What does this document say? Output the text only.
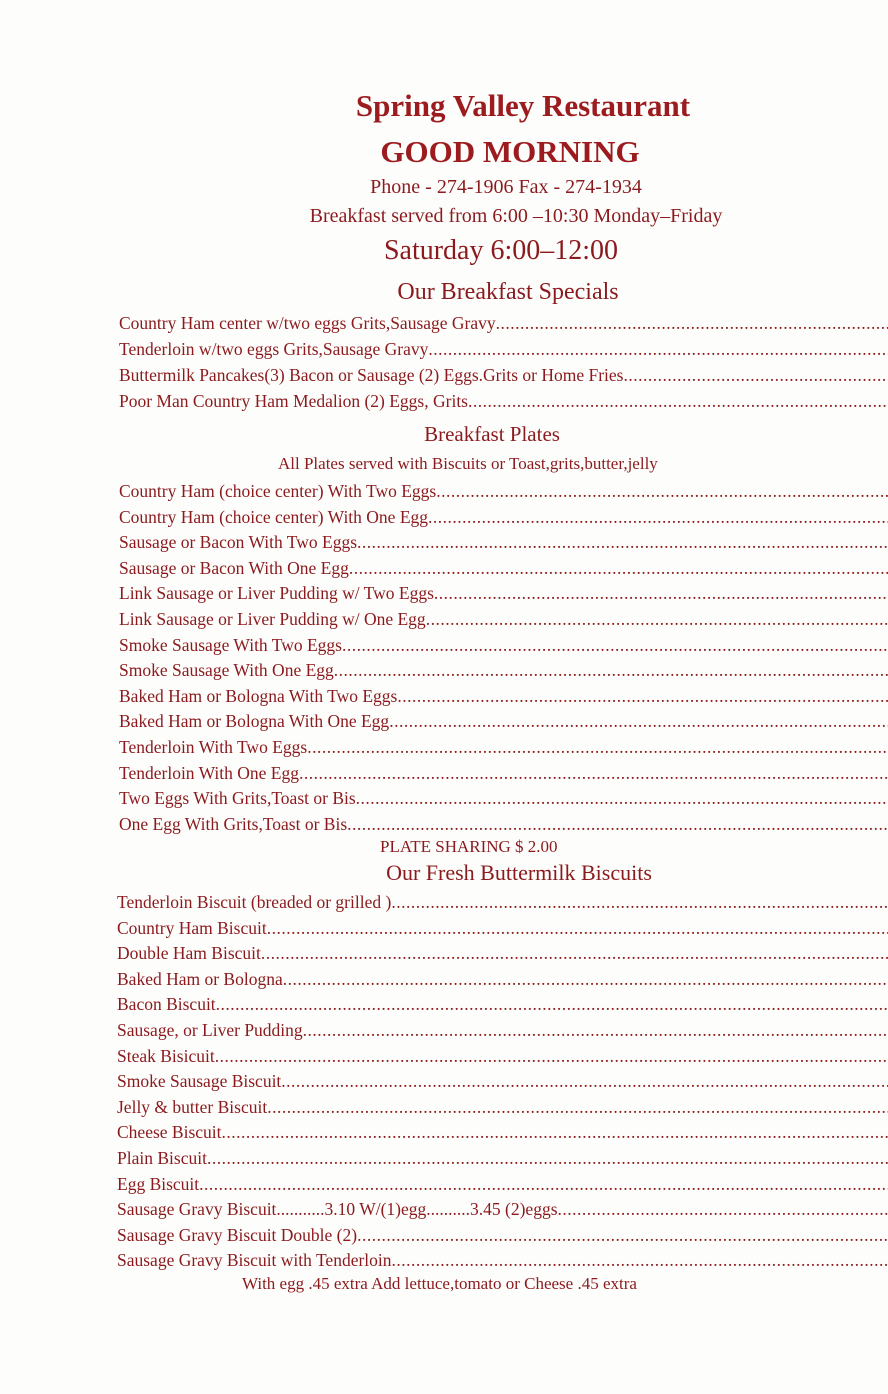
Spring Valley Restaurant
GOOD MORNING
Phone - 274-1906 Fax - 274-1934
Breakfast served from 6:00 –10:30 Monday–Friday
Saturday 6:00–12:00
Our Breakfast Specials
Country Ham center w/two eggs Grits,Sausage Gravy
.....
Tenderloin w/two eggs Grits,Sausage Gravy
.....
Buttermilk Pancakes(3) Bacon or Sausage (2) Eggs.Grits or Home Fries
.....
Poor Man Country Ham Medalion (2) Eggs, Grits
.....
Breakfast Plates
All Plates served with Biscuits or Toast,grits,butter,jelly
Country Ham (choice center) With Two Eggs
.....
Country Ham (choice center) With One Egg
.....
Sausage or Bacon With Two Eggs
.....
Sausage or Bacon With One Egg
.....
Link Sausage or Liver Pudding w/ Two Eggs
.....
Link Sausage or Liver Pudding w/ One Egg
.....
Smoke Sausage With Two Eggs
.....
Smoke Sausage With One Egg
.....
Baked Ham or Bologna With Two Eggs
.....
Baked Ham or Bologna With One Egg
.....
Tenderloin With Two Eggs
.....
Tenderloin With One Egg
.....
Two Eggs With Grits,Toast or Bis
.....
One Egg With Grits,Toast or Bis
.....
PLATE SHARING $ 2.00
Our Fresh Buttermilk Biscuits
Tenderloin Biscuit (breaded or grilled )
.....
Country Ham Biscuit
.....
Double Ham Biscuit
.....
Baked Ham or Bologna
.....
Bacon Biscuit
.....
Sausage, or Liver Pudding
.....
Steak Bisicuit
.....
Smoke Sausage Biscuit
.....
Jelly & butter Biscuit
.....
Cheese Biscuit
.....
Plain Biscuit
.....
Egg Biscuit
.....
Sausage Gravy Biscuit...........3.10 W/(1)egg..........3.45 (2)eggs
.....
Sausage Gravy Biscuit Double (2)
.....
Sausage Gravy Biscuit with Tenderloin
.....
With egg .45 extra Add lettuce,tomato or Cheese .45 extra
